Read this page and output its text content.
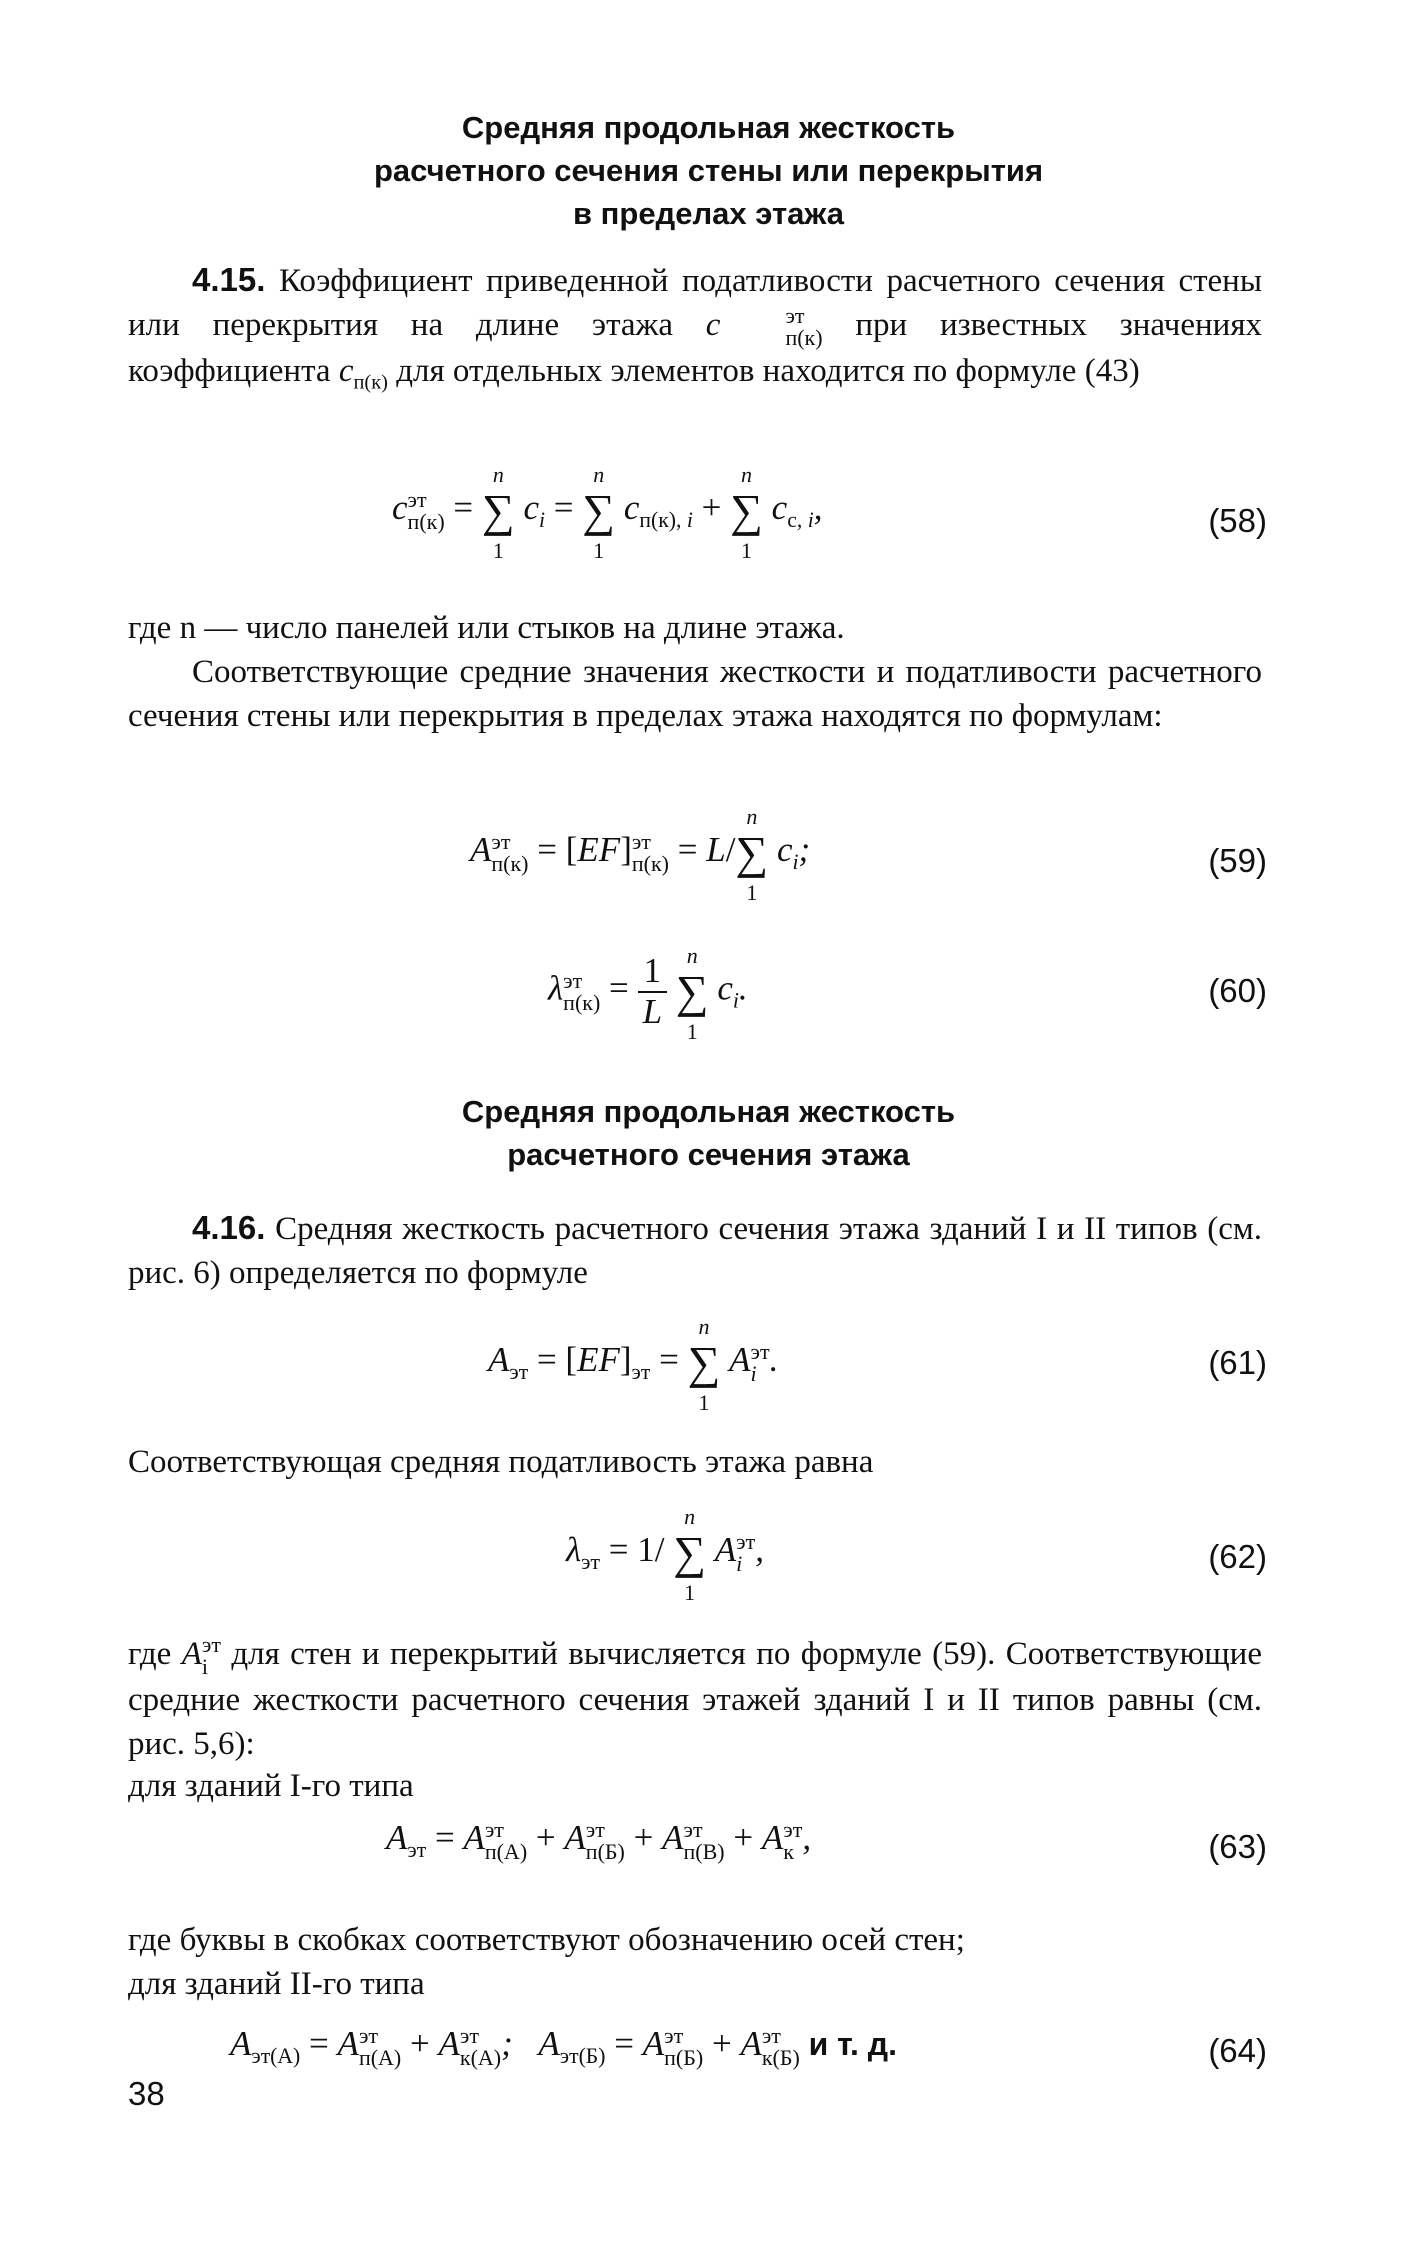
Средняя продольная жесткость
расчетного сечения стены или перекрытия
в пределах этажа
4.15. Коэффициент приведенной податливости расчетного сечения стены или перекрытия на длине этажа c	эт
п(к) при известных значениях коэффициента $c_{п(к)}$ для отдельных элементов находится по формуле (43)
c эт
п(к) = ∑
n
1
$c_i$ = ∑
n
1
$c_{п(к), i}$ + ∑
n
1
$c_{с, i}$,	(58)
где n — число панелей или стыков на длине этажа.
Соответствующие средние значения жесткости и податливости расчетного сечения стены или перекрытия в пределах этажа находятся по формулам:
A эт
п(к) = [EF] эт
п(к) = L/∑
n
1
$c_i$;	(59)
λ эт
$п(к) = \frac{1}{L}$ ∑
n
1
$c_i$.	(60)
Средняя продольная жесткость
расчетного сечения этажа
4.16. Средняя жесткость расчетного сечения этажа зданий I и II типов (см. рис. 6) определяется по формуле
$A_{эт} = [EF]_{эт}$ = ∑
n
1
A эт
i .	(61)
Соответствующая средняя податливость этажа равна
$\lambda_{эт} = 1/$ ∑
n
1
A эт
i ,	(62)
где A эт
i для стен и перекрытий вычисляется по формуле (59). Соответствующие средние жесткости расчетного сечения этажей зданий I и II типов равны (см. рис. 5,6):
для зданий I-го типа
$A_{эт} = A$ эт
п(А) + A эт
п(Б) + A эт
п(В) + A эт
к ,	(63)
где буквы в скобках соответствуют обозначению осей стен;
для зданий II-го типа
$A_{эт(А)} = A$ эт
п(А) + A эт
к(А) ;   $A_{эт(Б)} = A$ эт
п(Б) + A эт
к(Б) и т. д.	(64)
38
